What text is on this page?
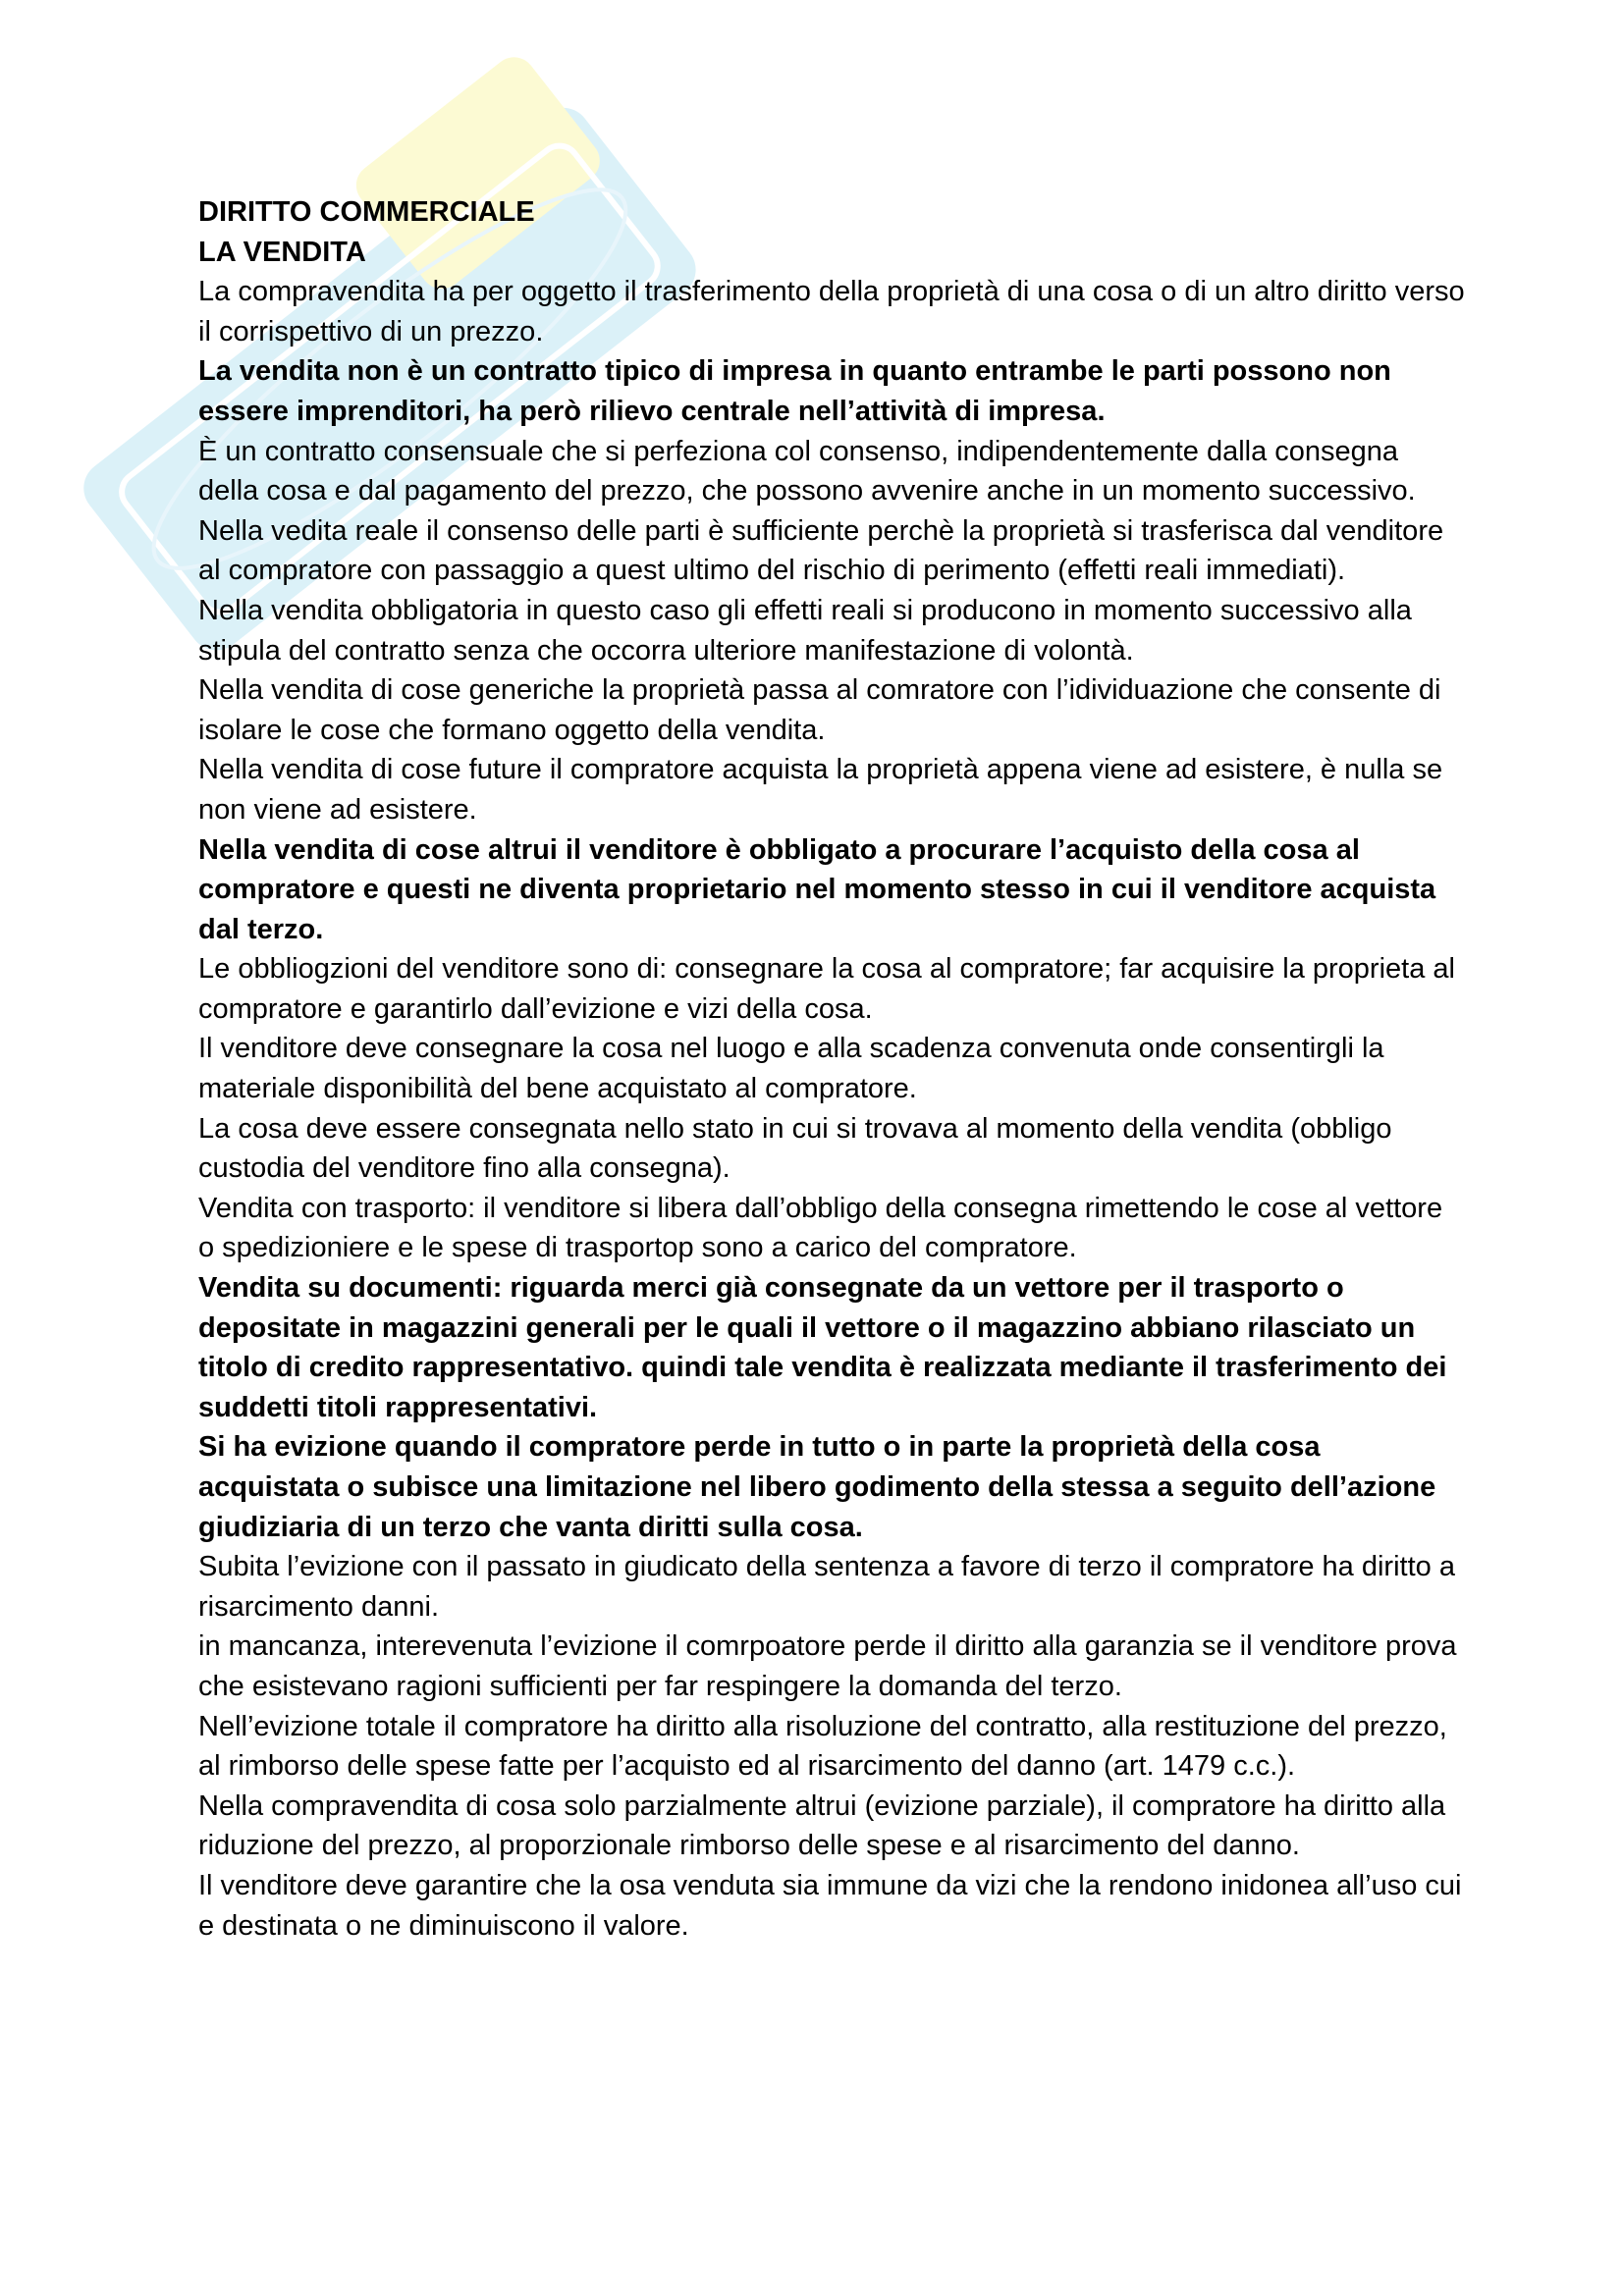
DIRITTO COMMERCIALE

LA VENDITA

La compravendita ha per oggetto il trasferimento della proprietà di una cosa o di un altro diritto verso il corrispettivo di un prezzo.

La vendita non è un contratto tipico di impresa in quanto entrambe le parti possono non essere imprenditori, ha però rilievo centrale nell’attività di impresa.

È un contratto consensuale che si perfeziona col consenso, indipendentemente dalla consegna della cosa e dal pagamento del prezzo, che possono avvenire anche in un momento successivo.

Nella vedita reale il consenso delle parti è sufficiente perchè la proprietà si trasferisca dal venditore al compratore con passaggio a quest ultimo del rischio di perimento (effetti reali immediati).

Nella vendita obbligatoria in questo caso gli effetti reali si producono in momento successivo alla stipula del contratto senza che occorra ulteriore manifestazione di volontà.

Nella vendita di cose generiche la proprietà passa al comratore con l’idividuazione che consente di isolare le cose che formano oggetto della vendita.

Nella vendita di cose future il compratore acquista la proprietà appena viene ad esistere, è nulla se non viene ad esistere.

Nella vendita di cose altrui il venditore è obbligato a procurare l’acquisto della cosa al compratore e questi ne diventa proprietario nel momento stesso in cui il venditore acquista dal terzo.

Le obbliogzioni del venditore sono di: consegnare la cosa al compratore; far acquisire la proprieta al compratore e garantirlo dall’evizione e vizi della cosa.

Il venditore deve consegnare la cosa nel luogo e alla scadenza convenuta onde consentirgli la materiale disponibilità del bene acquistato al compratore.

La cosa deve essere consegnata nello stato in cui si trovava al momento della vendita (obbligo custodia del venditore fino alla consegna).

Vendita con trasporto: il venditore si libera dall’obbligo della consegna rimettendo le cose al vettore o spedizioniere e le spese di trasportop sono a carico del compratore.

Vendita su documenti: riguarda merci già consegnate da un vettore per il trasporto o depositate in magazzini generali per le quali il vettore o il magazzino abbiano rilasciato un titolo di credito rappresentativo. quindi tale vendita è realizzata mediante il trasferimento dei suddetti titoli rappresentativi.

Si ha evizione quando il compratore perde in tutto o in parte la proprietà della cosa acquistata o subisce una limitazione nel libero godimento della stessa a seguito dell’azione giudiziaria di un terzo che vanta diritti sulla cosa.

Subita l’evizione con il passato in giudicato della sentenza a favore di terzo il compratore ha diritto a risarcimento danni.

in mancanza, interevenuta l’evizione il comrpoatore perde il diritto alla garanzia se il venditore prova che esistevano ragioni sufficienti per far respingere la domanda del terzo.

Nell’evizione totale il compratore ha diritto alla risoluzione del contratto, alla restituzione del prezzo, al rimborso delle spese fatte per l’acquisto ed al risarcimento del danno (art. 1479 c.c.).

Nella compravendita di cosa solo parzialmente altrui (evizione parziale), il compratore ha diritto alla riduzione del prezzo, al proporzionale rimborso delle spese e al risarcimento del danno.

Il venditore deve garantire che la osa venduta sia immune da vizi che la rendono inidonea all’uso cui e destinata o ne diminuiscono il valore.
